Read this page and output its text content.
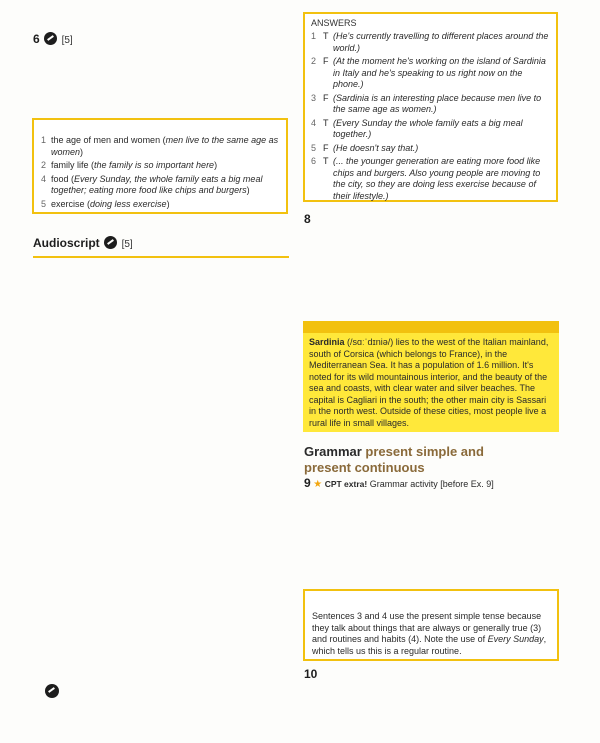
6 [5]
1 the age of men and women (men live to the same age as women)
2 family life (the family is so important here)
4 food (Every Sunday, the whole family eats a big meal together; eating more food like chips and burgers)
5 exercise (doing less exercise)
Audioscript [5]
ANSWERS
1 T (He's currently travelling to different places around the world.)
2 F (At the moment he's working on the island of Sardinia in Italy and he's speaking to us right now on the phone.)
3 F (Sardinia is an interesting place because men live to the same age as women.)
4 T (Every Sunday the whole family eats a big meal together.)
5 F (He doesn't say that.)
6 T (... the younger generation are eating more food like chips and burgers. Also young people are moving to the city, so they are doing less exercise because of their lifestyle.)
8
Sardinia (/sɑːˈdɪniə/) lies to the west of the Italian mainland, south of Corsica (which belongs to France), in the Mediterranean Sea. It has a population of 1.6 million. It's noted for its wild mountainous interior, and the beauty of the sea and coasts, with clear water and silver beaches. The capital is Cagliari in the south; the other main city is Sassari in the north west. Outside of these cities, most people live a rural life in small villages.
Grammar present simple and
present continuous
9 ★ CPT extra! Grammar activity [before Ex. 9]
Sentences 3 and 4 use the present simple tense because they talk about things that are always or generally true (3) and routines and habits (4). Note the use of Every Sunday, which tells us this is a regular routine.
10
